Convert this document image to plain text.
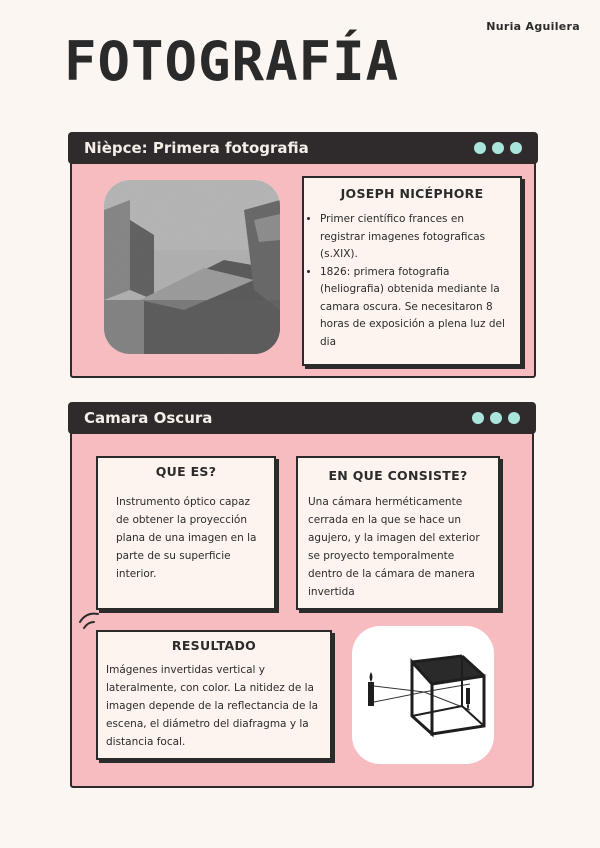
Nuria Aguilera
FOTOGRAFÍA
Nièpce: Primera fotografia
JOSEPH NICÉPHORE
• Primer científico frances en registrar imagenes fotograficas (s.XIX).
• 1826: primera fotografia (heliografia) obtenida mediante la camara oscura. Se necesitaron 8 horas de exposición a plena luz del dia
Camara Oscura
QUE ES?

Instrumento óptico capaz de obtener la proyección plana de una imagen en la parte de su superficie interior.

EN QUE CONSISTE?

Una cámara herméticamente cerrada en la que se hace un agujero, y la imagen del exterior se proyecto temporalmente dentro de la cámara de manera invertida

RESULTADO

Imágenes invertidas vertical y lateralmente, con color. La nitidez de la imagen depende de la reflectancia de la escena, el diámetro del diafragma y la distancia focal.
